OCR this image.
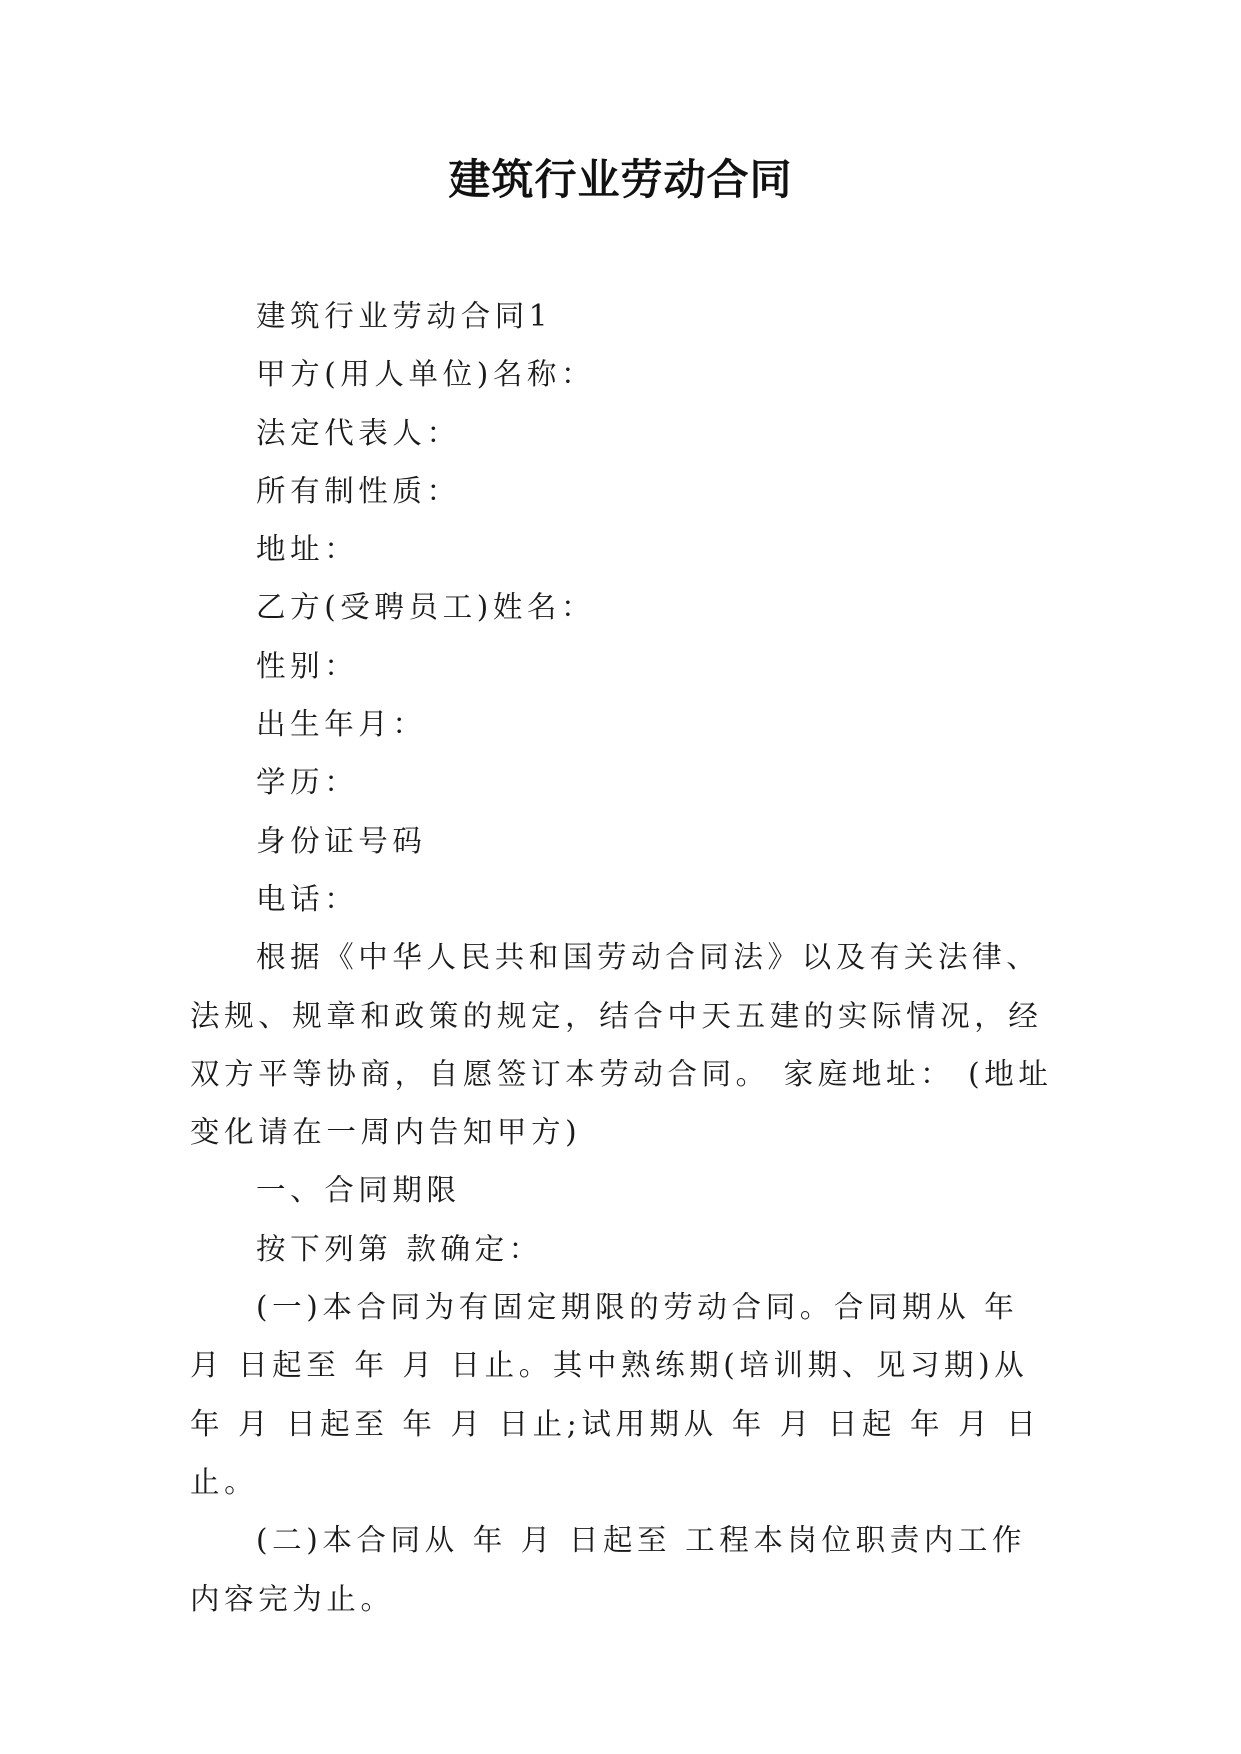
建筑行业劳动合同

建筑行业劳动合同1

甲方(用人单位)名称：

法定代表人：

所有制性质：

地址：

乙方(受聘员工)姓名：

性别：

出生年月：

学历：

身份证号码

电话：

根据《中华人民共和国劳动合同法》以及有关法律、法规、规章和政策的规定，结合中天五建的实际情况，经双方平等协商，自愿签订本劳动合同。 家庭地址： (地址变化请在一周内告知甲方)

一、合同期限

按下列第 款确定：

(一)本合同为有固定期限的劳动合同。合同期从 年 月 日起至 年 月 日止。其中熟练期(培训期、见习期)从 年 月 日起至 年 月 日止;试用期从 年 月 日起 年 月 日止。

(二)本合同从 年 月 日起至 工程本岗位职责内工作内容完为止。
